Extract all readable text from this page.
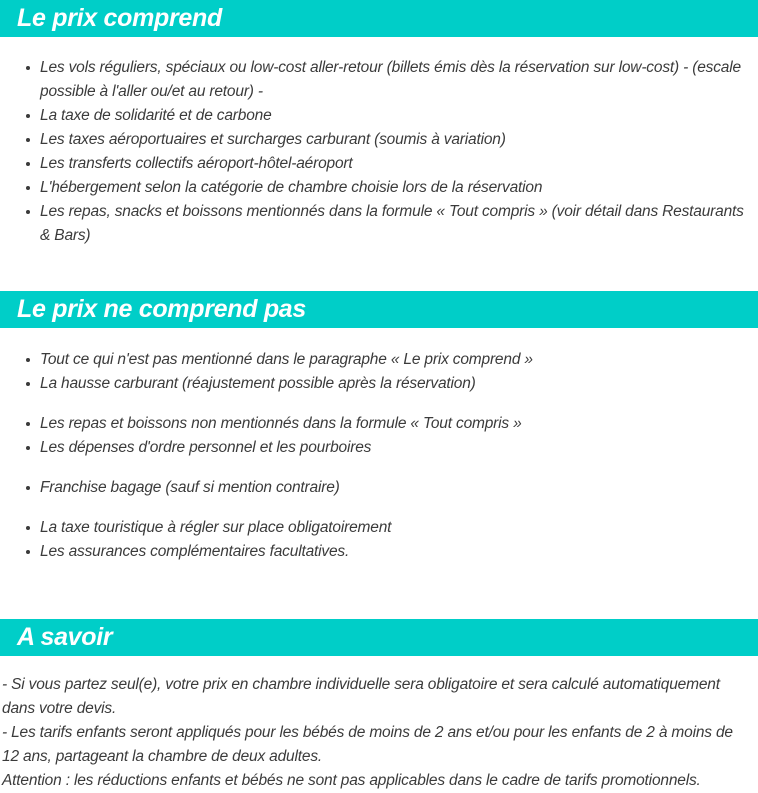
Le prix comprend
Les vols réguliers, spéciaux ou low-cost aller-retour (billets émis dès la réservation sur low-cost) - (escale possible à l'aller ou/et au retour) -
La taxe de solidarité et de carbone
Les taxes aéroportuaires et surcharges carburant (soumis à variation)
Les transferts collectifs aéroport-hôtel-aéroport
L'hébergement selon la catégorie de chambre choisie lors de la réservation
Les repas, snacks et boissons mentionnés dans la formule « Tout compris » (voir détail dans Restaurants & Bars)
Le prix ne comprend pas
Tout ce qui n'est pas mentionné dans le paragraphe « Le prix comprend »
La hausse carburant (réajustement possible après la réservation)
Les repas et boissons non mentionnés dans la formule « Tout compris »
Les dépenses d'ordre personnel et les pourboires
Franchise bagage (sauf si mention contraire)
La taxe touristique à régler sur place obligatoirement
Les assurances complémentaires facultatives.
A savoir

- Si vous partez seul(e), votre prix en chambre individuelle sera obligatoire et sera calculé automatiquement dans votre devis.

- Les tarifs enfants seront appliqués pour les bébés de moins de 2 ans et/ou pour les enfants de 2 à moins de 12 ans, partageant la chambre de deux adultes.

Attention : les réductions enfants et bébés ne sont pas applicables dans le cadre de tarifs promotionnels.
